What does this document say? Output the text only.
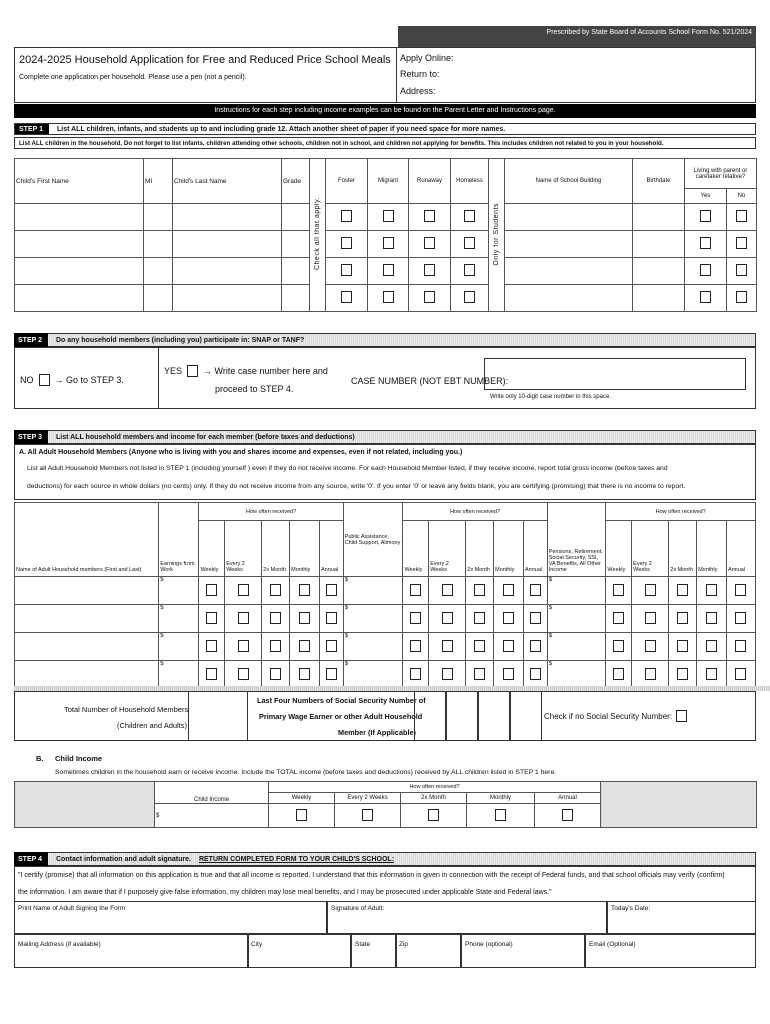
Prescribed by State Board of Accounts School Form No. 521/2024
2024-2025 Household Application for Free and Reduced Price School Meals
Complete one application per household. Please use a pen (not a pencil).
Apply Online:
Return to:
Address:
Instructions for each step including income examples can be found on the Parent Letter and Instructions page.
STEP 1	List ALL children, infants, and students up to and including grade 12. Attach another sheet of paper if you need space for more names.
List ALL children in the household. Do not forget to list infants, children attending other schools, children not in school, and children not applying for benefits. This includes children not related to you in your household.
Child's First Name	MI	Child's Last Name	Grade	Check all that apply.	Foster	Migrant	Runaway	Homeless	Only for Students	Name of School Building	Birthdate	Living with parent or caretaker relative?	
												Yes	No

STEP 2	Do any household members (including you) participate in: SNAP or TANF?
NO → Go to STEP 3.
YES → Write case number here and
proceed to STEP 4.
CASE NUMBER (NOT EBT NUMBER):
Write only 10-digit case number in this space.
STEP 3	List ALL household members and income for each member (before taxes and deductions)
A. All Adult Household Members (Anyone who is living with you and shares income and expenses, even if not related, including you.)
List all Adult Household Members not listed in STEP 1 (including yourself ) even if they do not receive income. For each Household Member listed, if they receive income, report total gross income (before taxes and
deductions) for each source in whole dollars (no cents) only. If they do not receive income from any source, write '0'. If you enter '0' or leave any fields blank, you are certifying (promising) that there is no income to report.
Name of Adult Household members (First and Last)	Earnings from Work	How often received?					Public Assistance, Child Support, Alimony	How often received?					Pensions, Retirement, Social Security, SSI, VA Benefits, All Other Income	How often received?				
		Weekly	Every 2 Weeks	2x Month	Monthly	Annual		Weekly	Every 2 Weeks	2x Month	Monthly	Annual		Weekly	Every 2 Weeks	2x Month	Monthly	Annual
	$						$						$					
	$						$						$					
	$						$						$					
	$						$						$					
Total Number of Household Members
(Children and Adults)
Last Four Numbers of Social Security Number of
Primary Wage Earner or other Adult Household
Member (If Applicable)
Check if no Social Security Number:
B. Child Income
Sometimes children in the household earn or receive income. Include the TOTAL income (before taxes and deductions) received by ALL children listed in STEP 1 here.
	Child Income	How often received?					
		Weekly	Every 2 Weeks	2x Month	Monthly	Annual	
	$						
STEP 4	Contact information and adult signature.	RETURN COMPLETED FORM TO YOUR CHILD'S SCHOOL:
"I certify (promise) that all information on this application is true and that all income is reported. I understand that this information is given in connection with the receipt of Federal funds, and that school officials may verify (confirm)
the information. I am aware that if I purposely give false information, my children may lose meal benefits, and I may be prosecuted under applicable State and Federal laws."
Print Name of Adult Signing the Form	Signature of Adult:	Today's Date:
Mailing Address (if available)	City	State	Zip	Phone (optional)	Email (Optional)
